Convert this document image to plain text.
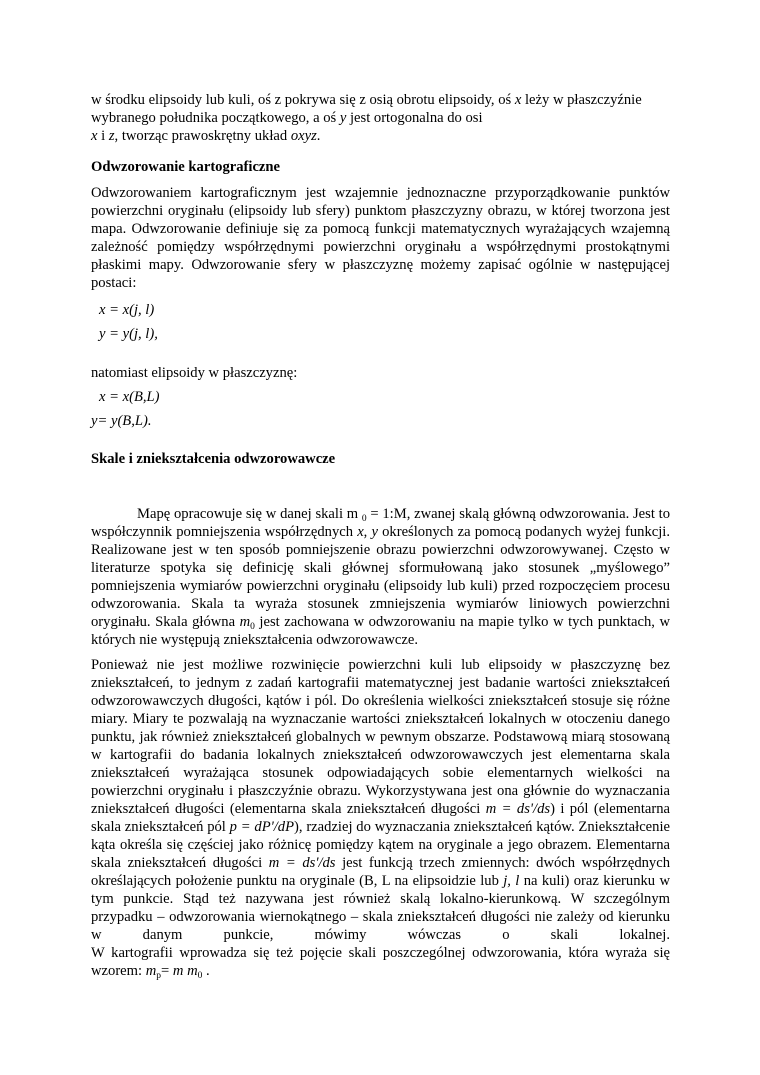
w środku elipsoidy lub kuli, oś z pokrywa się z osią obrotu elipsoidy, oś x leży w płaszczyźnie wybranego południka początkowego, a oś y jest ortogonalna do osi
x i z, tworząc prawoskrętny układ oxyz.

Odwzorowanie kartograficzne

Odwzorowaniem kartograficznym jest wzajemnie jednoznaczne przyporządkowanie punktów powierzchni oryginału (elipsoidy lub sfery) punktom płaszczyzny obrazu, w której tworzona jest mapa. Odwzorowanie definiuje się za pomocą funkcji matematycznych wyrażających wzajemną zależność pomiędzy współrzędnymi powierzchni oryginału a współrzędnymi prostokątnymi płaskimi mapy. Odwzorowanie sfery w płaszczyznę możemy zapisać ogólnie w następującej postaci:

x = x(j, l)

y = y(j, l),

natomiast elipsoidy w płaszczyznę:

x = x(B,L)

y= y(B,L).

Skale i zniekształcenia odwzorowawcze

Mapę opracowuje się w danej skali m $_0$ = 1:M, zwanej skalą główną odwzorowania. Jest to współczynnik pomniejszenia współrzędnych x, y określonych za pomocą podanych wyżej funkcji. Realizowane jest w ten sposób pomniejszenie obrazu powierzchni odwzorowywanej. Często w literaturze spotyka się definicję skali głównej sformułowaną jako stosunek „myślowego” pomniejszenia wymiarów powierzchni oryginału (elipsoidy lub kuli) przed rozpoczęciem procesu odwzorowania. Skala ta wyraża stosunek zmniejszenia wymiarów liniowych powierzchni oryginału. Skala główna $m_0$ jest zachowana w odwzorowaniu na mapie tylko w tych punktach, w których nie występują zniekształcenia odwzorowawcze.

Ponieważ nie jest możliwe rozwinięcie powierzchni kuli lub elipsoidy w płaszczyznę bez zniekształceń, to jednym z zadań kartografii matematycznej jest badanie wartości zniekształceń odwzorowawczych długości, kątów i pól. Do określenia wielkości zniekształceń stosuje się różne miary. Miary te pozwalają na wyznaczanie wartości zniekształceń lokalnych w otoczeniu danego punktu, jak również zniekształceń globalnych w pewnym obszarze. Podstawową miarą stosowaną w kartografii do badania lokalnych zniekształceń odwzorowawczych jest elementarna skala zniekształceń wyrażająca stosunek odpowiadających sobie elementarnych wielkości na powierzchni oryginału i płaszczyźnie obrazu. Wykorzystywana jest ona głównie do wyznaczania zniekształceń długości (elementarna skala zniekształceń długości m = ds'/ds) i pól (elementarna skala zniekształceń pól p = dP'/dP), rzadziej do wyznaczania zniekształceń kątów. Zniekształcenie kąta określa się częściej jako różnicę pomiędzy kątem na oryginale a jego obrazem. Elementarna skala zniekształceń długości m = ds'/ds jest funkcją trzech zmiennych: dwóch współrzędnych określających położenie punktu na oryginale (B, L na elipsoidzie lub j, l na kuli) oraz kierunku w tym punkcie. Stąd też nazywana jest również skalą lokalno-kierunkową. W szczególnym przypadku – odwzorowania wiernokątnego – skala zniekształceń długości nie zależy od kierunku w danym punkcie, mówimy wówczas o skali lokalnej.

W kartografii wprowadza się też pojęcie skali poszczególnej odwzorowania, która wyraża się wzorem: $m_p= m$ $m_0$ .
